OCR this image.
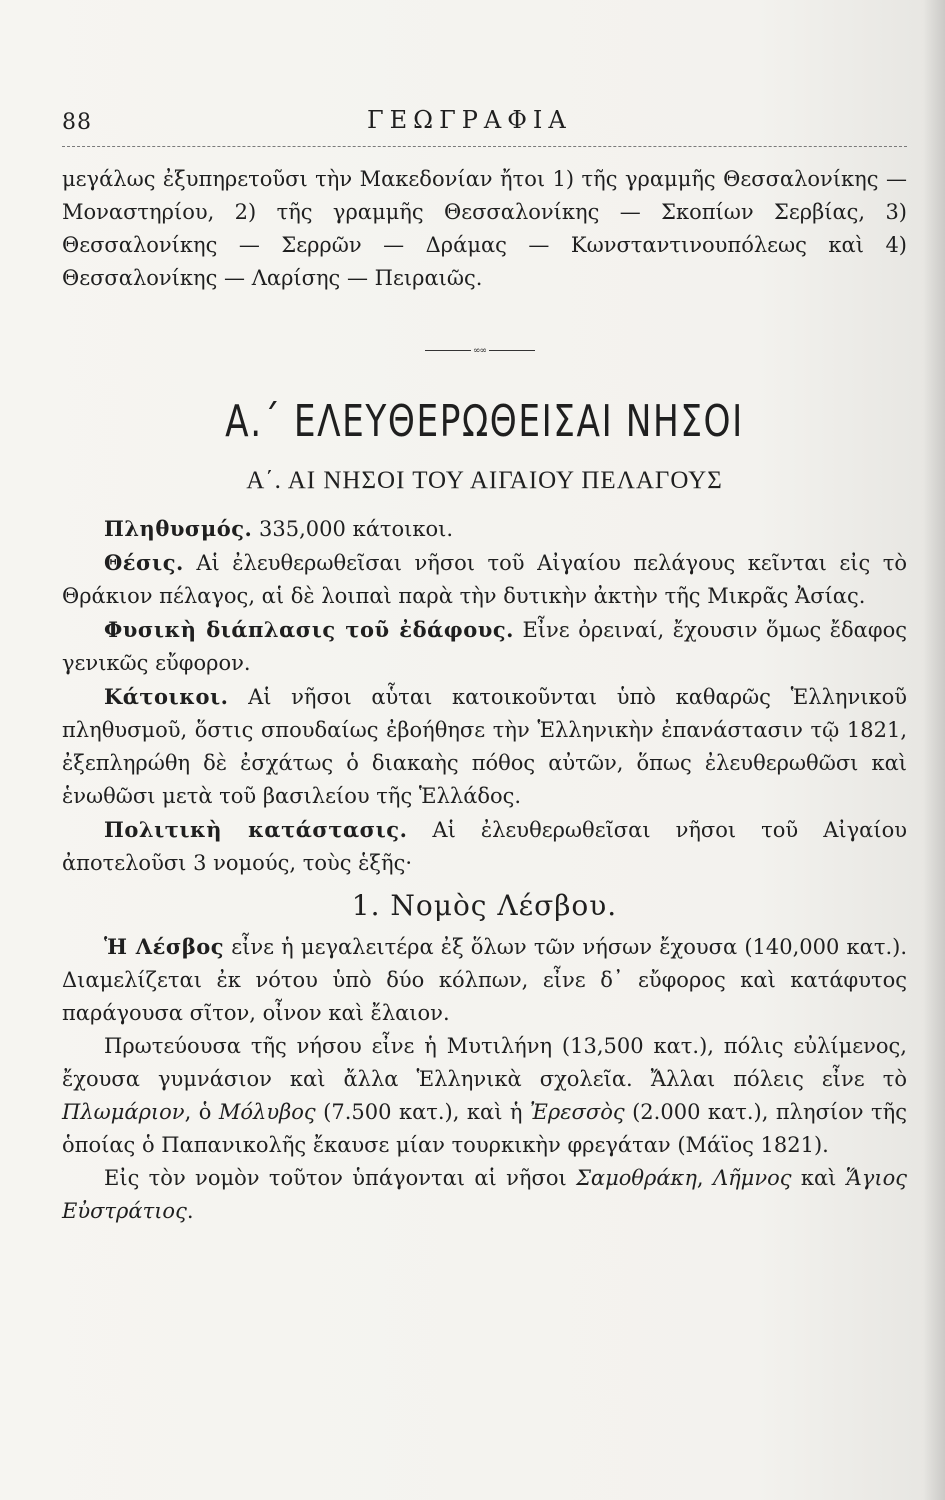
88	ΓΕΩΓΡΑΦΙΑ

μεγάλως ἐξυπηρετοῦσι τὴν Μακεδονίαν ἤτοι 1) τῆς γραμμῆς Θεσσαλονίκης — Μοναστηρίου, 2) τῆς γραμμῆς Θεσσαλονίκης — Σκοπίων Σερβίας, 3) Θεσσαλονίκης — Σερρῶν — Δράμας — Κωνσταντινουπόλεως καὶ 4) Θεσσαλονίκης — Λαρίσης — Πειραιῶς.

∞∞
Α.΄ ΕΛΕΥΘΕΡΩΘΕΙΣΑΙ ΝΗΣΟΙ
Α΄. ΑΙ ΝΗΣΟΙ ΤΟΥ ΑΙΓΑΙΟΥ ΠΕΛΑΓΟΥΣ

Πληθυσμός. 335,000 κάτοικοι.

Θέσις. Αἱ ἐλευθερωθεῖσαι νῆσοι τοῦ Αἰγαίου πελάγους κεῖνται εἰς τὸ Θράκιον πέλαγος, αἱ δὲ λοιπαὶ παρὰ τὴν δυτικὴν ἀκτὴν τῆς Μικρᾶς Ἀσίας.

Φυσικὴ διάπλασις τοῦ ἐδάφους. Εἶνε ὀρειναί, ἔχουσιν ὅμως ἔδαφος γενικῶς εὔφορον.

Κάτοικοι. Αἱ νῆσοι αὗται κατοικοῦνται ὑπὸ καθαρῶς Ἑλληνικοῦ πληθυσμοῦ, ὅστις σπουδαίως ἐβοήθησε τὴν Ἑλληνικὴν ἐπανάστασιν τῷ 1821, ἐξεπληρώθη δὲ ἐσχάτως ὁ διακαὴς πόθος αὐτῶν, ὅπως ἐλευθερωθῶσι καὶ ἑνωθῶσι μετὰ τοῦ βασιλείου τῆς Ἑλλάδος.

Πολιτικὴ κατάστασις. Αἱ ἐλευθερωθεῖσαι νῆσοι τοῦ Αἰγαίου ἀποτελοῦσι 3 νομούς, τοὺς ἑξῆς·

1. Νομὸς Λέσβου.

Ἡ Λέσβος εἶνε ἡ μεγαλειτέρα ἐξ ὅλων τῶν νήσων ἔχουσα (140,000 κατ.). Διαμελίζεται ἐκ νότου ὑπὸ δύο κόλπων, εἶνε δ᾽ εὔφορος καὶ κατάφυτος παράγουσα σῖτον, οἶνον καὶ ἔλαιον.

Πρωτεύουσα τῆς νήσου εἶνε ἡ Μυτιλήνη (13,500 κατ.), πόλις εὐλίμενος, ἔχουσα γυμνάσιον καὶ ἄλλα Ἑλληνικὰ σχολεῖα. Ἄλλαι πόλεις εἶνε τὸ Πλωμάριον, ὁ Μόλυβος (7.500 κατ.), καὶ ἡ Ἐρεσσὸς (2.000 κατ.), πλησίον τῆς ὁποίας ὁ Παπανικολῆς ἔκαυσε μίαν τουρκικὴν φρεγάταν (Μάϊος 1821).

Εἰς τὸν νομὸν τοῦτον ὑπάγονται αἱ νῆσοι Σαμοθράκη, Λῆμνος καὶ Ἅγιος Εὐστράτιος.
